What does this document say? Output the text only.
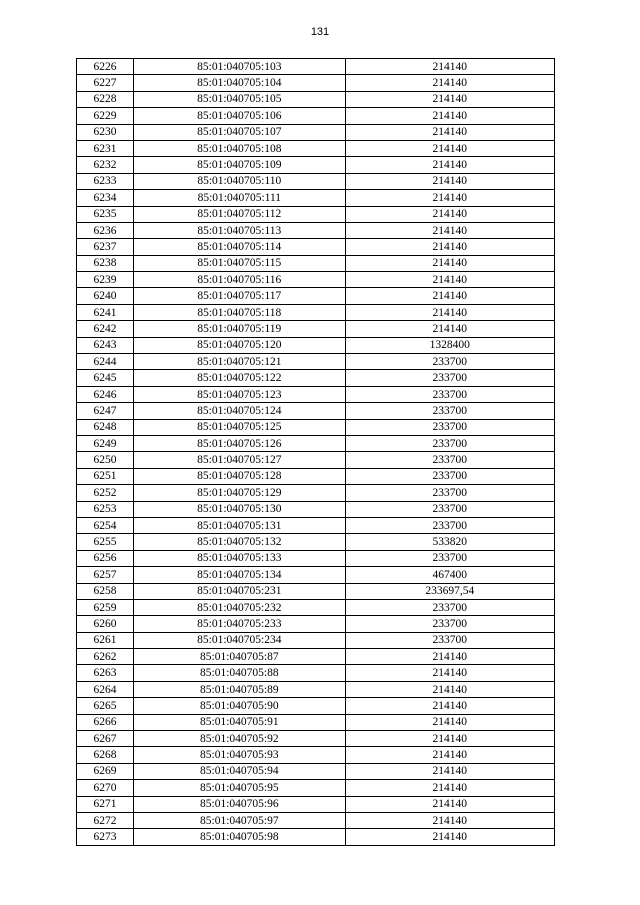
131
6226	85:01:040705:103	214140
6227	85:01:040705:104	214140
6228	85:01:040705:105	214140
6229	85:01:040705:106	214140
6230	85:01:040705:107	214140
6231	85:01:040705:108	214140
6232	85:01:040705:109	214140
6233	85:01:040705:110	214140
6234	85:01:040705:111	214140
6235	85:01:040705:112	214140
6236	85:01:040705:113	214140
6237	85:01:040705:114	214140
6238	85:01:040705:115	214140
6239	85:01:040705:116	214140
6240	85:01:040705:117	214140
6241	85:01:040705:118	214140
6242	85:01:040705:119	214140
6243	85:01:040705:120	1328400
6244	85:01:040705:121	233700
6245	85:01:040705:122	233700
6246	85:01:040705:123	233700
6247	85:01:040705:124	233700
6248	85:01:040705:125	233700
6249	85:01:040705:126	233700
6250	85:01:040705:127	233700
6251	85:01:040705:128	233700
6252	85:01:040705:129	233700
6253	85:01:040705:130	233700
6254	85:01:040705:131	233700
6255	85:01:040705:132	533820
6256	85:01:040705:133	233700
6257	85:01:040705:134	467400
6258	85:01:040705:231	233697,54
6259	85:01:040705:232	233700
6260	85:01:040705:233	233700
6261	85:01:040705:234	233700
6262	85:01:040705:87	214140
6263	85:01:040705:88	214140
6264	85:01:040705:89	214140
6265	85:01:040705:90	214140
6266	85:01:040705:91	214140
6267	85:01:040705:92	214140
6268	85:01:040705:93	214140
6269	85:01:040705:94	214140
6270	85:01:040705:95	214140
6271	85:01:040705:96	214140
6272	85:01:040705:97	214140
6273	85:01:040705:98	214140
